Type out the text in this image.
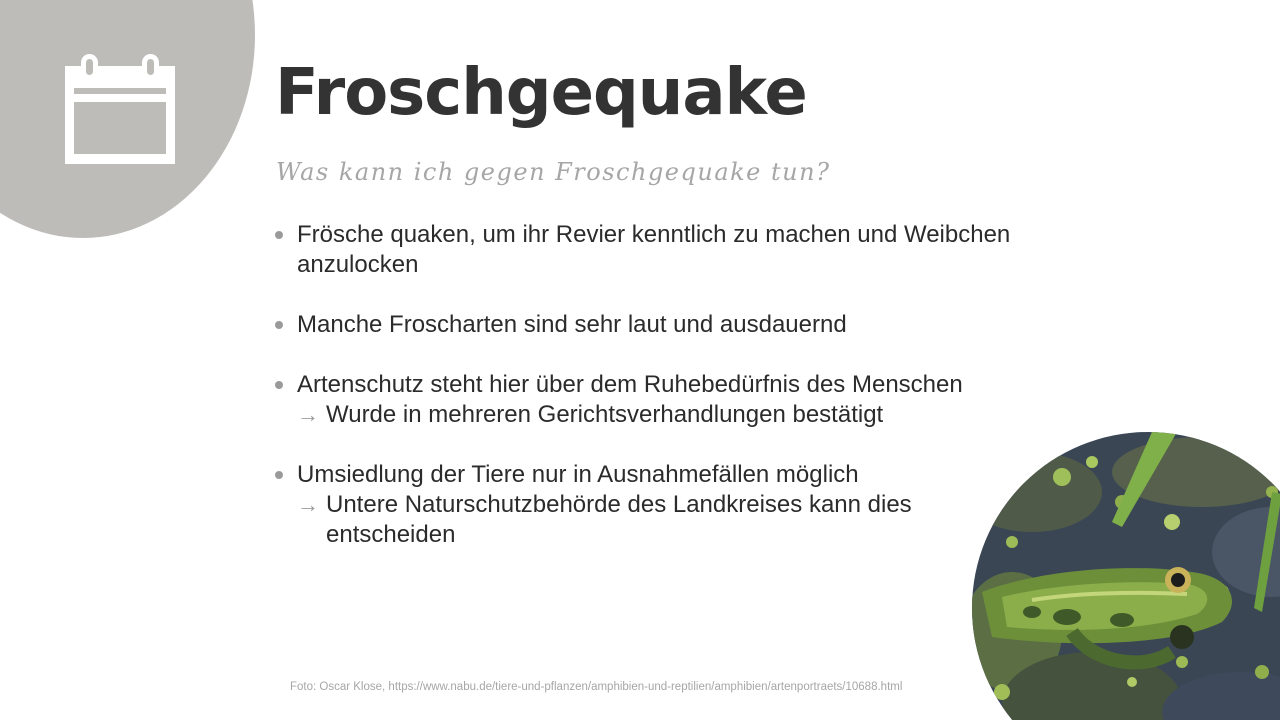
Froschgequake

Was kann ich gegen Froschgequake tun?

Frösche quaken, um ihr Revier kenntlich zu machen und Weibchen anzulocken
Manche Froscharten sind sehr laut und ausdauernd
Artenschutz steht hier über dem Ruhebedürfnis des Menschen
→ Wurde in mehreren Gerichtsverhandlungen bestätigt
Umsiedlung der Tiere nur in Ausnahmefällen möglich
→ Untere Naturschutzbehörde des Landkreises kann dies entscheiden

Foto: Oscar Klose, https://www.nabu.de/tiere-und-pflanzen/amphibien-und-reptilien/amphibien/artenportraets/10688.html
